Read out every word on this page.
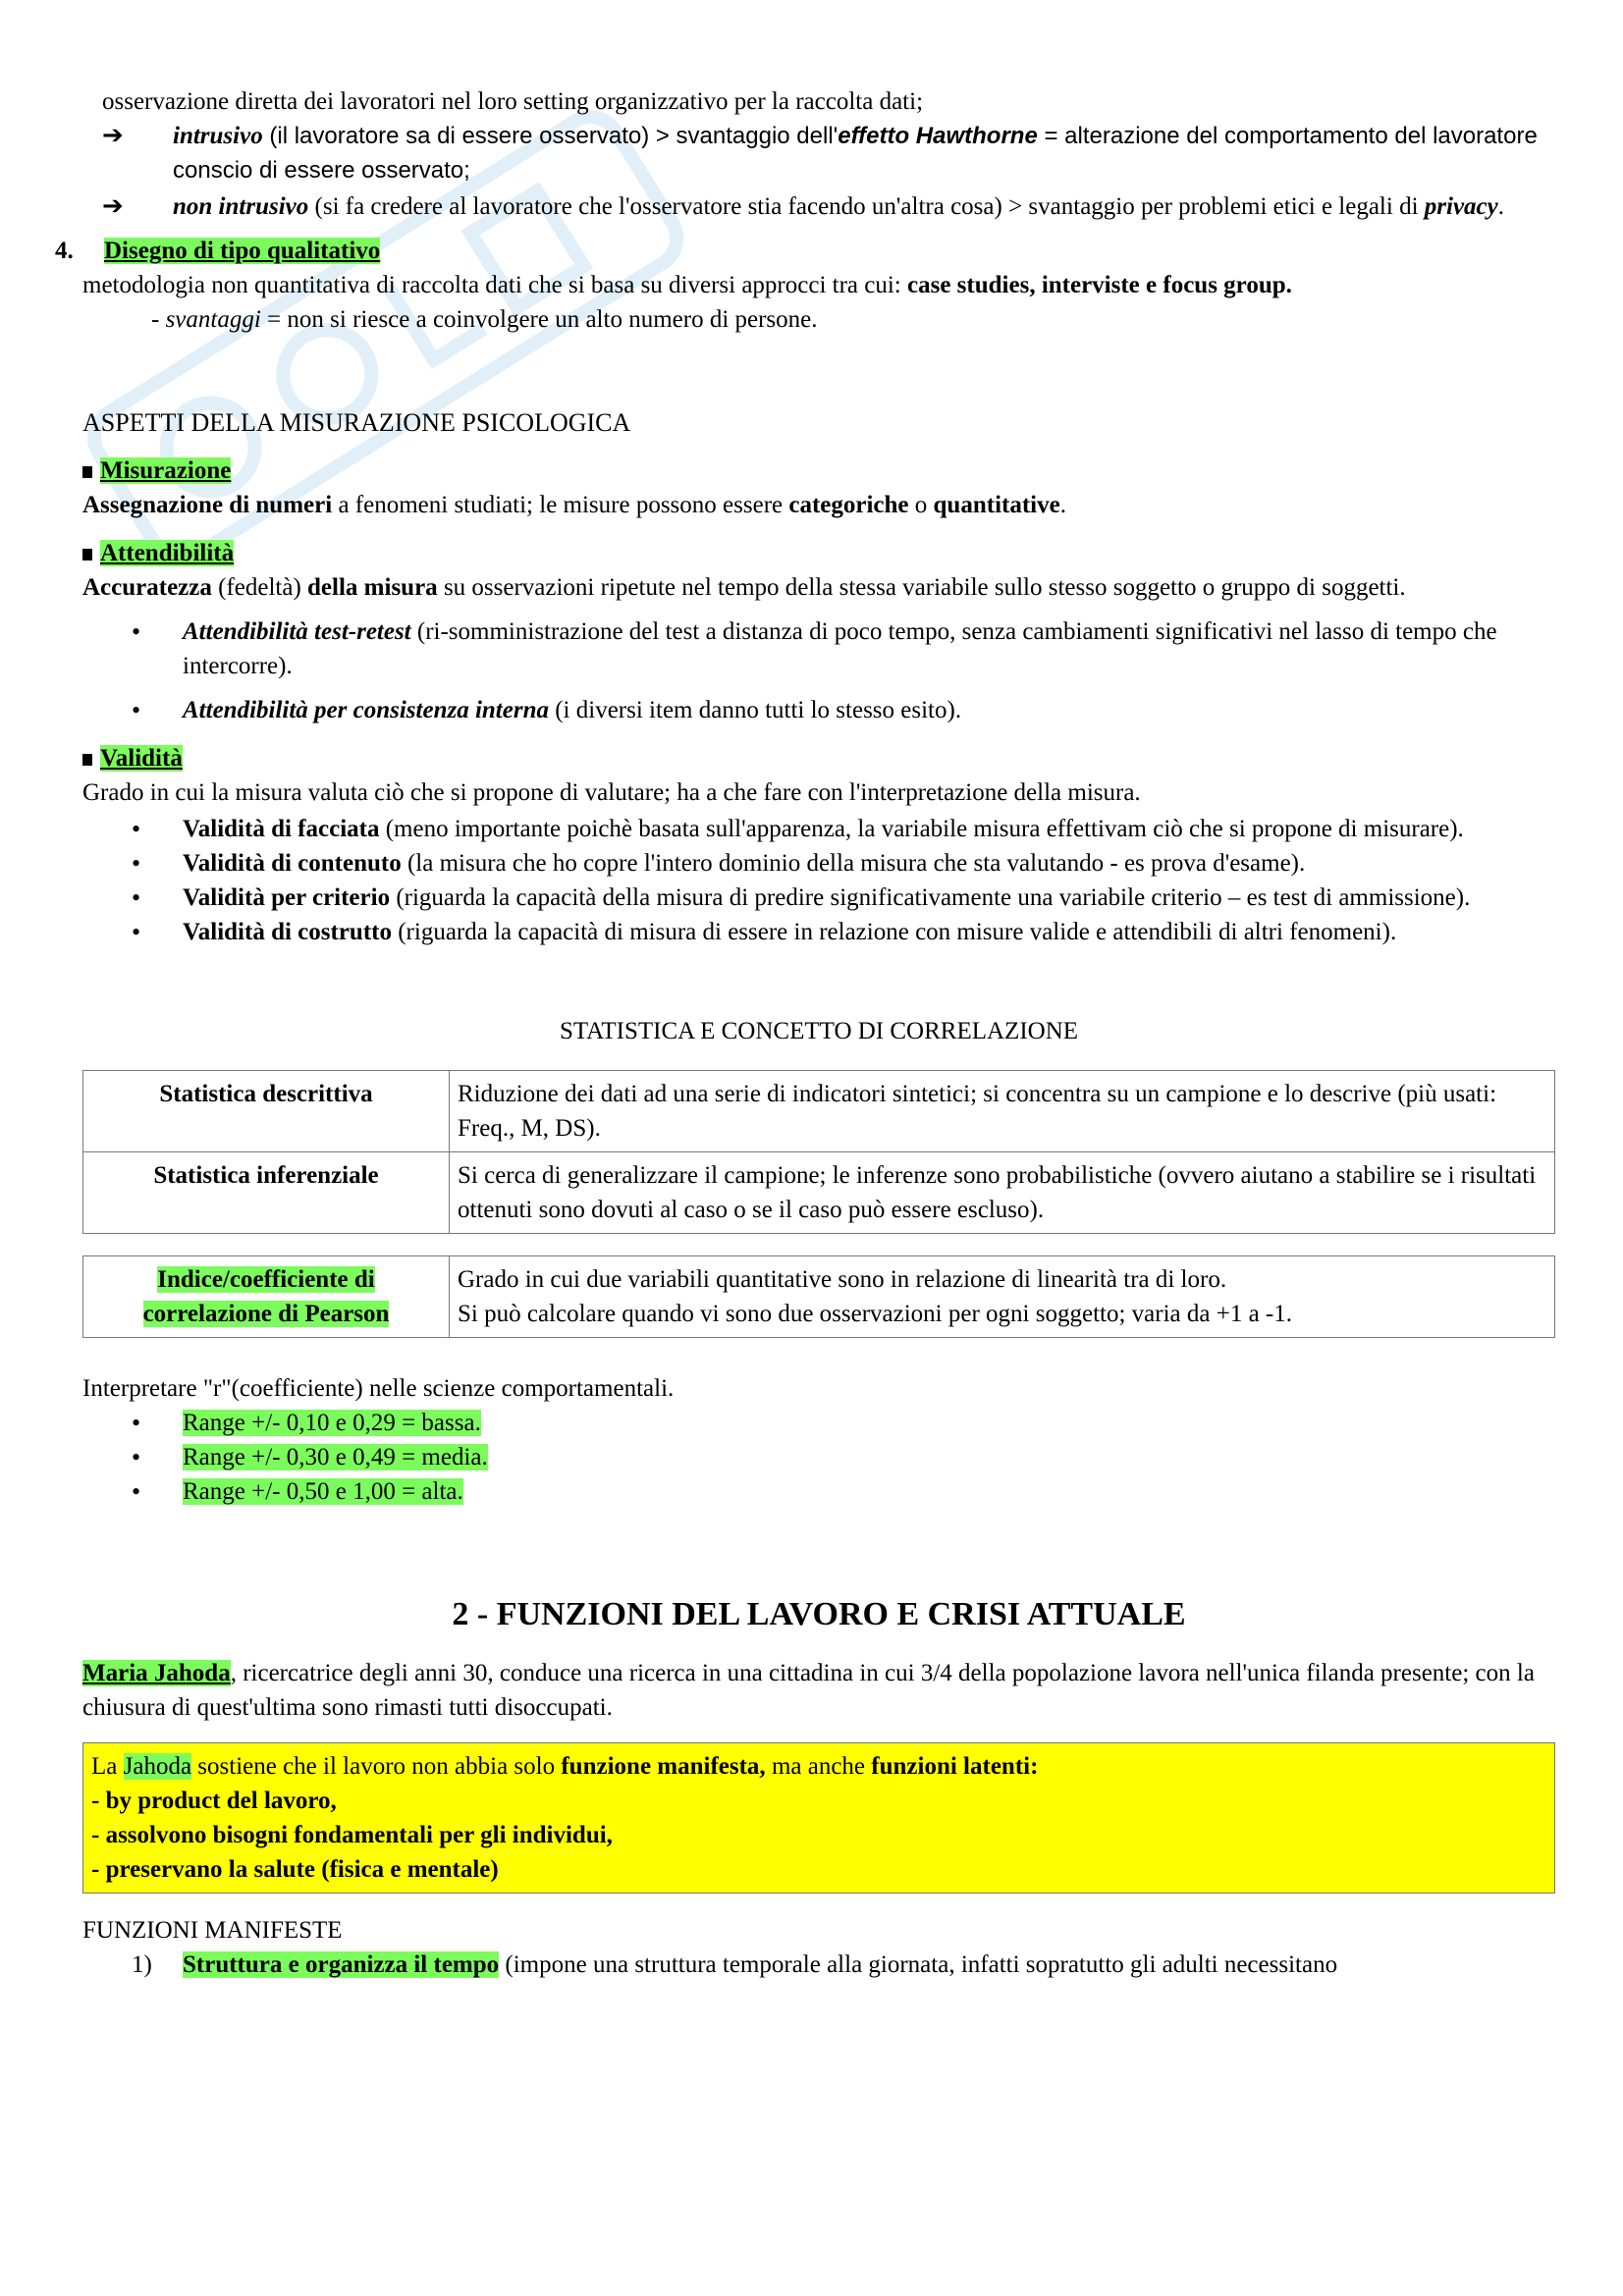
osservazione diretta dei lavoratori nel loro setting organizzativo per la raccolta dati;

➔ intrusivo (il lavoratore sa di essere osservato) > svantaggio dell'effetto Hawthorne = alterazione del comportamento del lavoratore conscio di essere osservato;
➔ non intrusivo (si fa credere al lavoratore che l'osservatore stia facendo un'altra cosa) > svantaggio per problemi etici e legali di privacy.

4. Disegno di tipo qualitativo

metodologia non quantitativa di raccolta dati che si basa su diversi approcci tra cui: case studies, interviste e focus group.

- svantaggi = non si riesce a coinvolgere un alto numero di persone.

ASPETTI DELLA MISURAZIONE PSICOLOGICA

Misurazione

Assegnazione di numeri a fenomeni studiati; le misure possono essere categoriche o quantitative.

Attendibilità

Accuratezza (fedeltà) della misura su osservazioni ripetute nel tempo della stessa variabile sullo stesso soggetto o gruppo di soggetti.

• Attendibilità test-retest (ri-somministrazione del test a distanza di poco tempo, senza cambiamenti significativi nel lasso di tempo che intercorre).
• Attendibilità per consistenza interna (i diversi item danno tutti lo stesso esito).

Validità

Grado in cui la misura valuta ciò che si propone di valutare; ha a che fare con l'interpretazione della misura.

• Validità di facciata (meno importante poichè basata sull'apparenza, la variabile misura effettivam ciò che si propone di misurare).
• Validità di contenuto (la misura che ho copre l'intero dominio della misura che sta valutando - es prova d'esame).
• Validità per criterio (riguarda la capacità della misura di predire significativamente una variabile criterio – es test di ammissione).
• Validità di costrutto (riguarda la capacità di misura di essere in relazione con misure valide e attendibili di altri fenomeni).

STATISTICA E CONCETTO DI CORRELAZIONE

Statistica descrittiva	Riduzione dei dati ad una serie di indicatori sintetici; si concentra su un campione e lo descrive (più usati: Freq., M, DS).
Statistica inferenziale	Si cerca di generalizzare il campione; le inferenze sono probabilistiche (ovvero aiutano a stabilire se i risultati ottenuti sono dovuti al caso o se il caso può essere escluso).
Indice/coefficiente di
correlazione di Pearson	Grado in cui due variabili quantitative sono in relazione di linearità tra di loro.
Si può calcolare quando vi sono due osservazioni per ogni soggetto; varia da +1 a -1.

Interpretare "r"(coefficiente) nelle scienze comportamentali.

• Range +/- 0,10 e 0,29 = bassa.
• Range +/- 0,30 e 0,49 = media.
• Range +/- 0,50 e 1,00 = alta.

2 - FUNZIONI DEL LAVORO E CRISI ATTUALE

Maria Jahoda, ricercatrice degli anni 30, conduce una ricerca in una cittadina in cui 3/4 della popolazione lavora nell'unica filanda presente; con la chiusura di quest'ultima sono rimasti tutti disoccupati.

La Jahoda sostiene che il lavoro non abbia solo funzione manifesta, ma anche funzioni latenti:

- by product del lavoro,

- assolvono bisogni fondamentali per gli individui,

- preservano la salute (fisica e mentale)

FUNZIONI MANIFESTE

1) Struttura e organizza il tempo (impone una struttura temporale alla giornata, infatti sopratutto gli adulti necessitano
